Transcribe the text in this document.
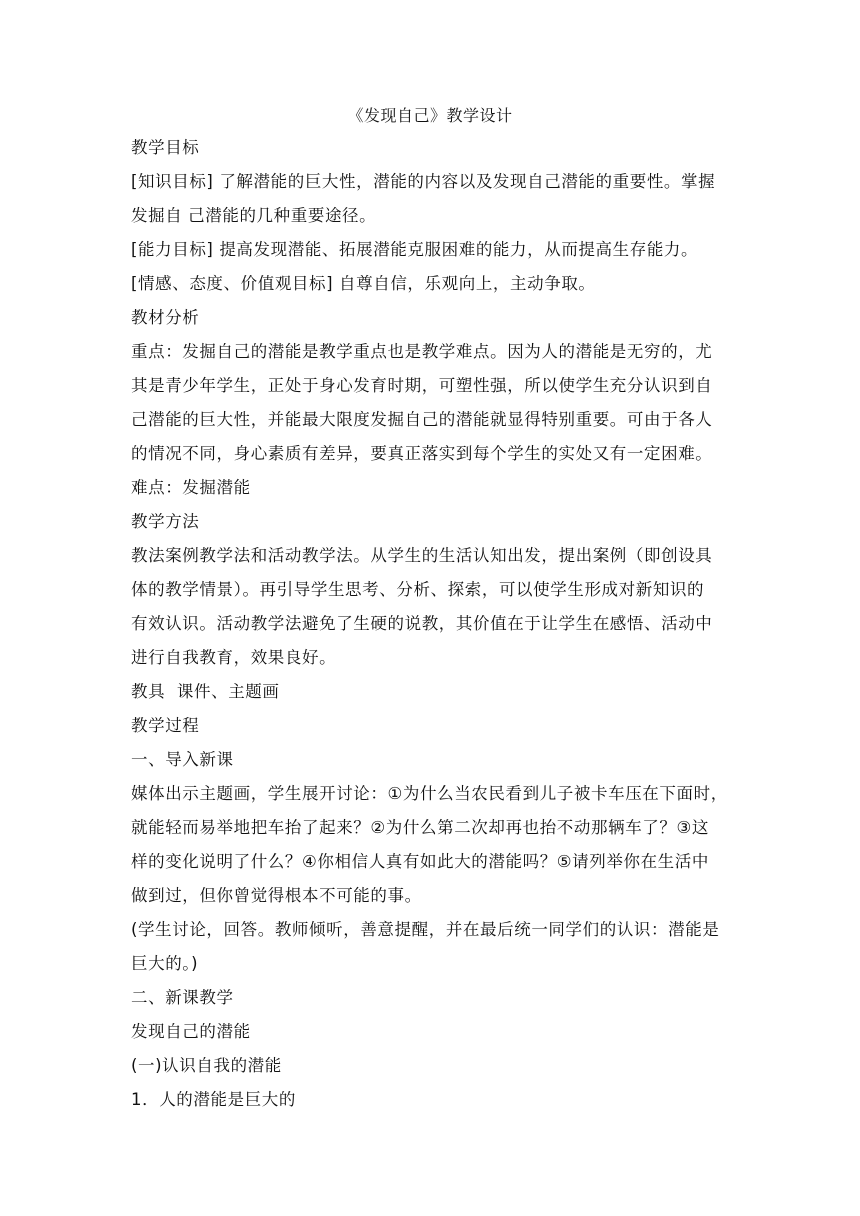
《发现自己》教学设计
教学目标
[知识目标] 了解潜能的巨大性，潜能的内容以及发现自己潜能的重要性。掌握
发掘自 己潜能的几种重要途径。
[能力目标] 提高发现潜能、拓展潜能克服困难的能力，从而提高生存能力。
[情感、态度、价值观目标] 自尊自信，乐观向上，主动争取。
教材分析
重点：发掘自己的潜能是教学重点也是教学难点。因为人的潜能是无穷的，尤
其是青少年学生，正处于身心发育时期，可塑性强，所以使学生充分认识到自
己潜能的巨大性，并能最大限度发掘自己的潜能就显得特别重要。可由于各人
的情况不同，身心素质有差异，要真正落实到每个学生的实处又有一定困难。
难点：发掘潜能
教学方法
教法案例教学法和活动教学法。从学生的生活认知出发，提出案例（即创设具
体的教学情景）。再引导学生思考、分析、探索，可以使学生形成对新知识的
有效认识。活动教学法避免了生硬的说教，其价值在于让学生在感悟、活动中
进行自我教育，效果良好。
教具  课件、主题画
教学过程
一、导入新课
媒体出示主题画，学生展开讨论：①为什么当农民看到儿子被卡车压在下面时，
就能轻而易举地把车抬了起来？②为什么第二次却再也抬不动那辆车了？③这
样的变化说明了什么？④你相信人真有如此大的潜能吗？⑤请列举你在生活中
做到过，但你曾觉得根本不可能的事。
(学生讨论，回答。教师倾听，善意提醒，并在最后统一同学们的认识：潜能是
巨大的。)
二、新课教学
发现自己的潜能
(一)认识自我的潜能
1．人的潜能是巨大的
